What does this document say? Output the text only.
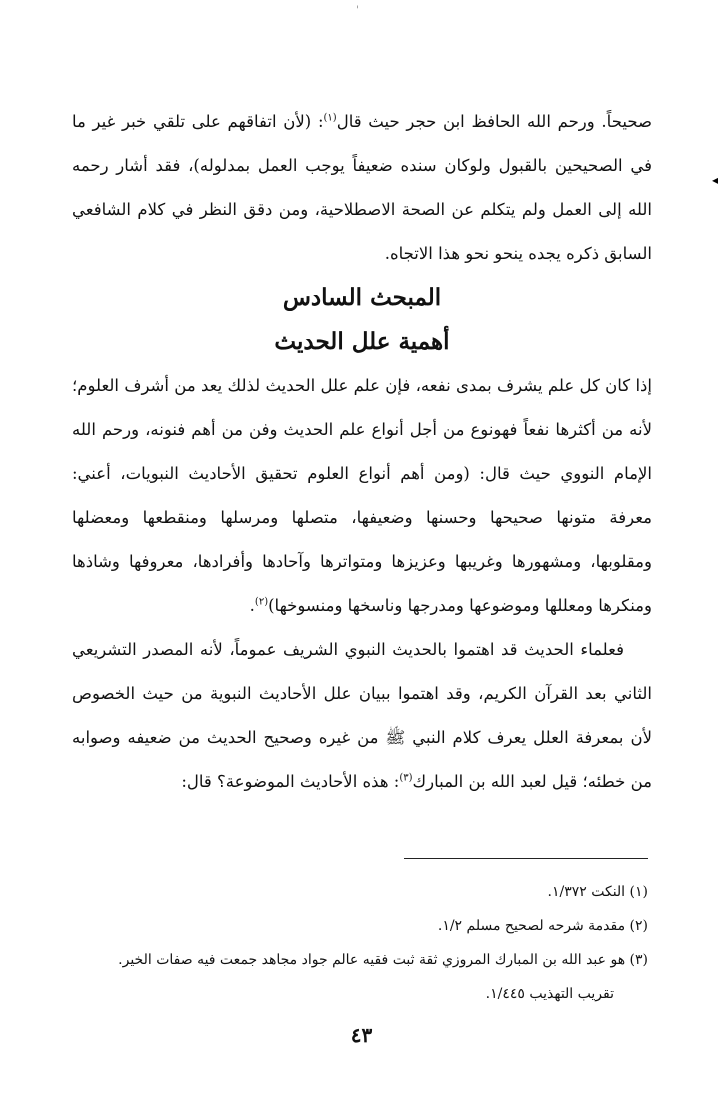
'
◂

صحيحاً. ورحم الله الحافظ ابن حجر حيث قال$^{(١)}$: (لأن اتفاقهم على تلقي خبر غير ما في الصحيحين بالقبول ولوكان سنده ضعيفاً يوجب العمل بمدلوله)، فقد أشار رحمه الله إلى العمل ولم يتكلم عن الصحة الاصطلاحية، ومن دقق النظر في كلام الشافعي السابق ذكره يجده ينحو نحو هذا الاتجاه.

المبحث السادس
أهمية علل الحديث

إذا كان كل علم يشرف بمدى نفعه، فإن علم علل الحديث لذلك يعد من أشرف العلوم؛ لأنه من أكثرها نفعاً فهونوع من أجل أنواع علم الحديث وفن من أهم فنونه، ورحم الله الإمام النووي حيث قال: (ومن أهم أنواع العلوم تحقيق الأحاديث النبويات، أعني: معرفة متونها صحيحها وحسنها وضعيفها، متصلها ومرسلها ومنقطعها ومعضلها ومقلوبها، ومشهورها وغريبها وعزيزها ومتواترها وآحادها وأفرادها، معروفها وشاذها ومنكرها ومعللها وموضوعها ومدرجها وناسخها ومنسوخها)$^{(٢)}$.

فعلماء الحديث قد اهتموا بالحديث النبوي الشريف عموماً، لأنه المصدر التشريعي الثاني بعد القرآن الكريم، وقد اهتموا ببيان علل الأحاديث النبوية من حيث الخصوص لأن بمعرفة العلل يعرف كلام النبي ﷺ من غيره وصحيح الحديث من ضعيفه وصوابه من خطئه؛ قيل لعبد الله بن المبارك$^{(٣)}$: هذه الأحاديث الموضوعة؟ قال:

(١) النكت ١/٣٧٢.

(٢) مقدمة شرحه لصحيح مسلم ١/٢.

(٣) هو عبد الله بن المبارك المروزي ثقة ثبت فقيه عالم جواد مجاهد جمعت فيه صفات الخير.

تقريب التهذيب ١/٤٤٥.

٤٣
